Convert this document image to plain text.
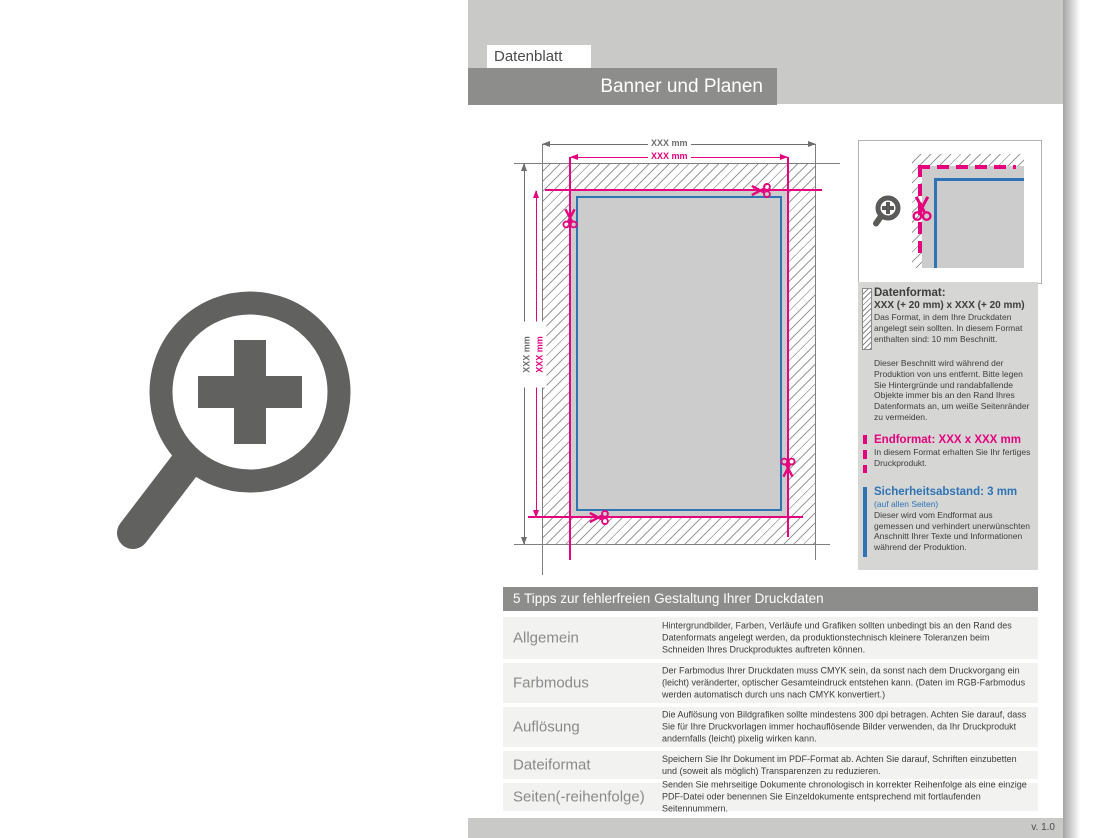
Datenblatt
Banner und Planen
XXX mm
XXX mm
XXX mm XXX mm
Datenformat:
XXX (+ 20 mm) x XXX (+ 20 mm)
Das Format, in dem Ihre Druckdaten angelegt sein sollten. In diesem Format enthalten sind: 10 mm Beschnitt.
Dieser Beschnitt wird während der Produktion von uns entfernt. Bitte legen Sie Hintergründe und randabfallende Objekte immer bis an den Rand Ihres Datenformats an, um weiße Seitenränder zu vermeiden.
Endformat: XXX x XXX mm
In diesem Format erhalten Sie Ihr fertiges Druckprodukt.
Sicherheitsabstand: 3 mm
(auf allen Seiten)
Dieser wird vom Endformat aus gemessen und verhindert unerwünschten Anschnitt Ihrer Texte und Informationen während der Produktion.
5 Tipps zur fehlerfreien Gestaltung Ihrer Druckdaten
Allgemein
Hintergrundbilder, Farben, Verläufe und Grafiken sollten unbedingt bis an den Rand des Datenformats angelegt werden, da produktionstechnisch kleinere Toleranzen beim Schneiden Ihres Druckproduktes auftreten können.
Farbmodus
Der Farbmodus Ihrer Druckdaten muss CMYK sein, da sonst nach dem Druckvorgang ein (leicht) veränderter, optischer Gesamteindruck entstehen kann. (Daten im RGB-Farbmodus werden automatisch durch uns nach CMYK konvertiert.)
Auflösung
Die Auflösung von Bildgrafiken sollte mindestens 300 dpi betragen. Achten Sie darauf, dass Sie für Ihre Druckvorlagen immer hochauflösende Bilder verwenden, da Ihr Druckprodukt andernfalls (leicht) pixelig wirken kann.
Dateiformat	Speichern Sie Ihr Dokument im PDF-Format ab. Achten Sie darauf, Schriften einzubetten und (soweit als möglich) Transparenzen zu reduzieren.
Seiten(-reihenfolge)
Senden Sie mehrseitige Dokumente chronologisch in korrekter Reihenfolge als eine einzige PDF-Datei oder benennen Sie Einzeldokumente entsprechend mit fortlaufenden Seitennummern.
v. 1.0
